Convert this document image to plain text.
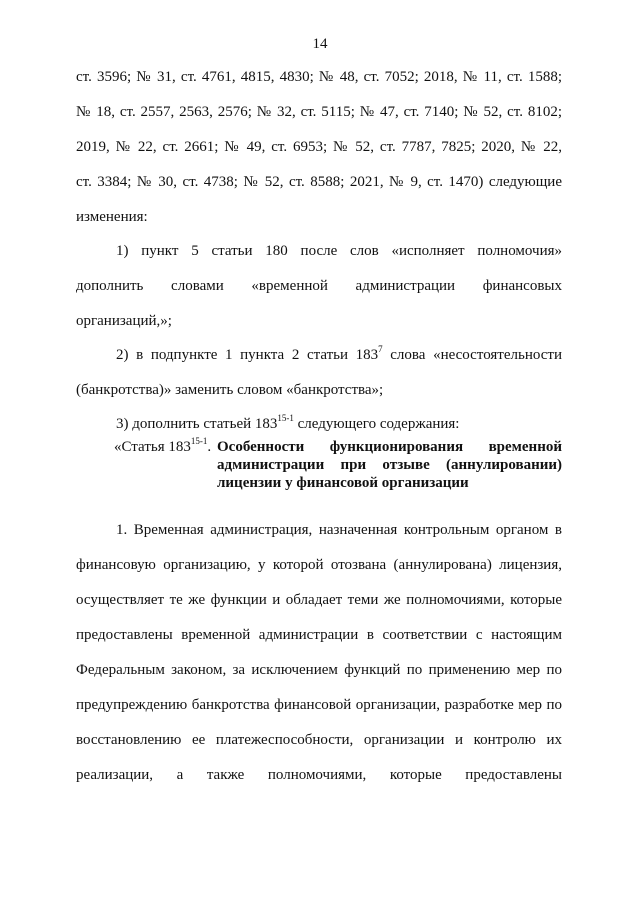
14

ст. 3596; № 31, ст. 4761, 4815, 4830; № 48, ст. 7052; 2018, № 11, ст. 1588;
№ 18, ст. 2557, 2563, 2576; № 32, ст. 5115; № 47, ст. 7140; № 52, ст. 8102;
2019, № 22, ст. 2661; № 49, ст. 6953; № 52, ст. 7787, 7825; 2020, № 22,
ст. 3384; № 30, ст. 4738; № 52, ст. 8588; 2021, № 9, ст. 1470) следующие
изменения:

1) пункт 5 статьи 180 после слов «исполняет полномочия»
дополнить словами «временной администрации финансовых
организаций,»;

2) в подпункте 1 пункта 2 статьи $183^7$ слова «несостоятельности
(банкротства)» заменить словом «банкротства»;

3) дополнить статьей 183$^{15-1}$ следующего содержания:

«Статья 183$^{15-1}$. Особенности функционирования временной
администрации при отзыве (аннулировании)
лицензии у финансовой организации

1. Временная администрация, назначенная контрольным органом в
финансовую организацию, у которой отозвана (аннулирована) лицензия,
осуществляет те же функции и обладает теми же полномочиями, которые
предоставлены временной администрации в соответствии с настоящим
Федеральным законом, за исключением функций по применению мер по
предупреждению банкротства финансовой организации, разработке мер по
восстановлению ее платежеспособности, организации и контролю их
реализации, а также полномочиями, которые предоставлены
